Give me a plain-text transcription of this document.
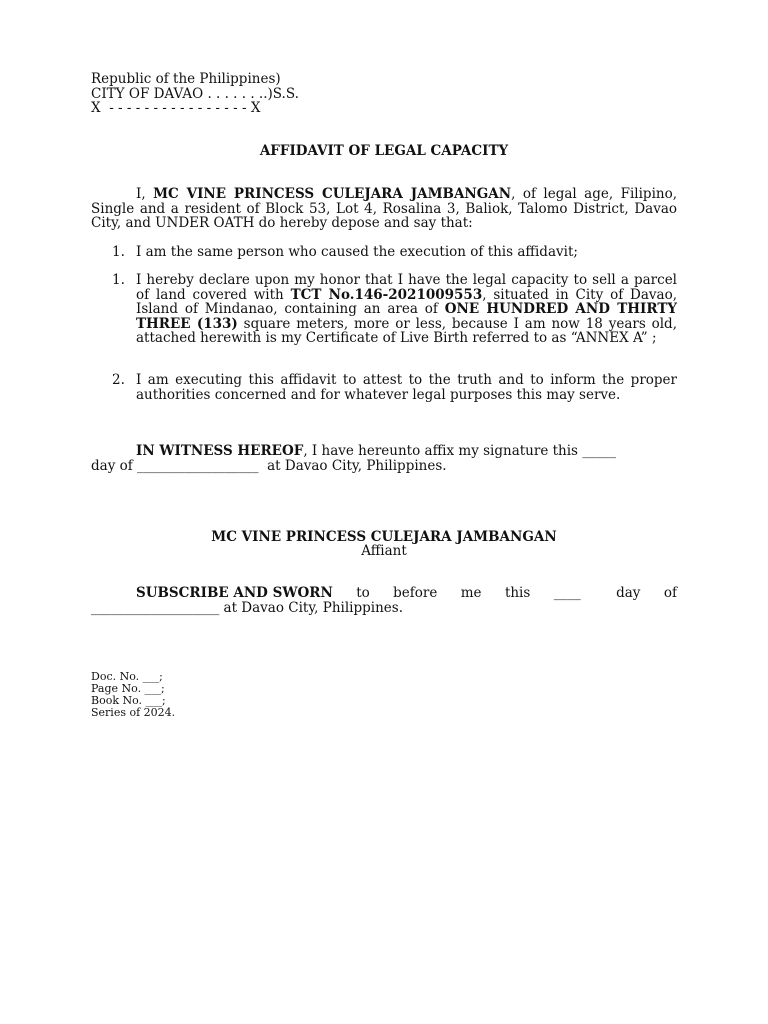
Republic of the Philippines)
CITY OF DAVAO . . . . . . ..)S.S.
X  - - - - - - - - - - - - - - - - X
AFFIDAVIT OF LEGAL CAPACITY
I, MC VINE PRINCESS CULEJARA JAMBANGAN, of legal age, Filipino, Single and a resident of Block 53, Lot 4, Rosalina 3, Baliok, Talomo District, Davao City, and UNDER OATH do hereby depose and say that:
1. I am the same person who caused the execution of this affidavit;
1. I hereby declare upon my honor that I have the legal capacity to sell a parcel of land covered with TCT No.146-2021009553, situated in City of Davao, Island of Mindanao, containing an area of ONE HUNDRED AND THIRTY THREE (133) square meters, more or less, because I am now 18 years old, attached herewith is my Certificate of Live Birth referred to as “ANNEX A” ;
2. I am executing this affidavit to attest to the truth and to inform the proper authorities concerned and for whatever legal purposes this may serve.
IN WITNESS HEREOF, I have hereunto affix my signature this _____
day of __________________  at Davao City, Philippines.
MC VINE PRINCESS CULEJARA JAMBANGAN
Affiant
SUBSCRIBE AND SWORN to before me this ____	day of
___________________ at Davao City, Philippines.
Doc. No. ___;
Page No. ___;
Book No. ___;
Series of 2024.
